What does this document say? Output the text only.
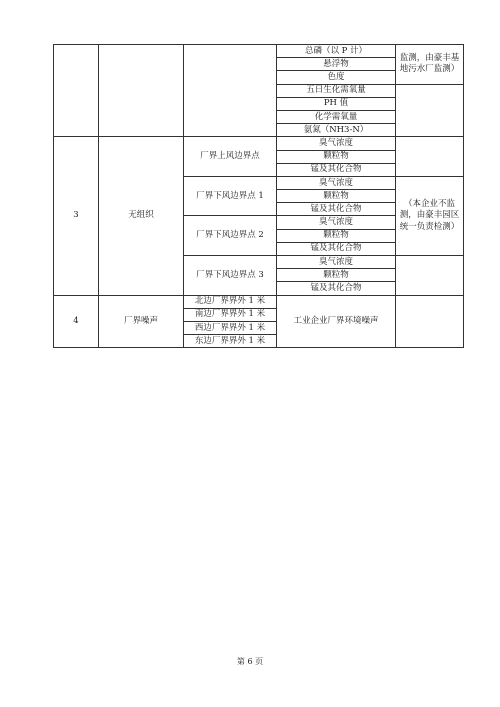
			总磷（以 P 计）	监测，由豪丰基地污水厂监测）
			悬浮物	
			色度	
			五日生化需氧量	
			PH 值	
			化学需氧量	
			氨氮（NH3-N）	
3	无组织	厂界上风边界点	臭气浓度	
			颗粒物	
			锰及其化合物	
		厂界下风边界点 1	臭气浓度	（本企业不监测，由豪丰园区统一负责检测）
			颗粒物	
			锰及其化合物	
		厂界下风边界点 2	臭气浓度	
			颗粒物	
			锰及其化合物	
		厂界下风边界点 3	臭气浓度	
			颗粒物	
			锰及其化合物	
4	厂界噪声	北边厂界界外 1 米	工业企业厂界环境噪声	
		南边厂界界外 1 米		
		西边厂界界外 1 米		
		东边厂界界外 1 米		
第 6 页
